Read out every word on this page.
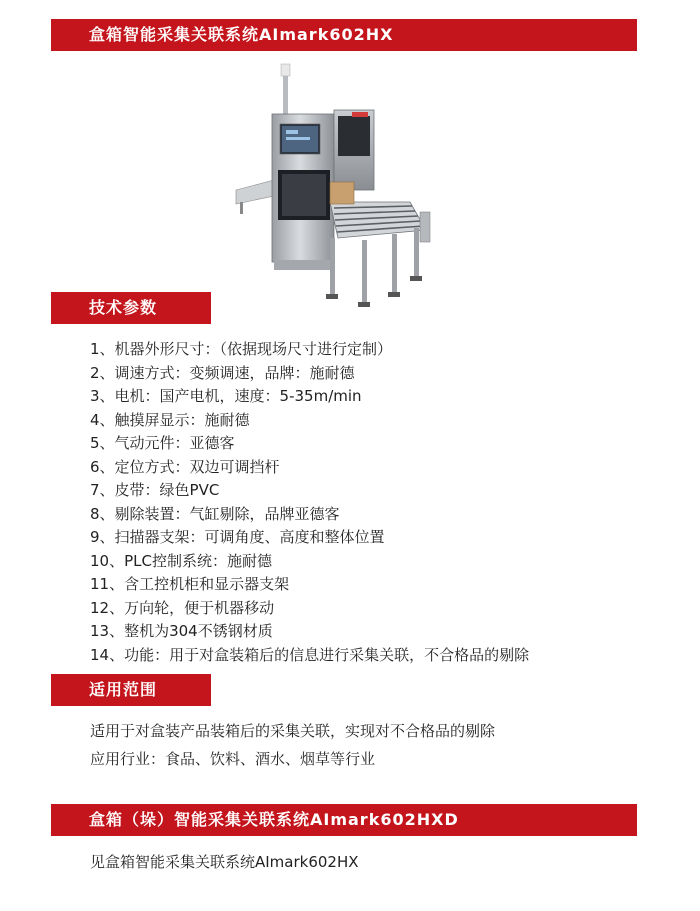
盒箱智能采集关联系统AImark602HX
技术参数
1、机器外形尺寸：（依据现场尺寸进行定制）
2、调速方式：变频调速，品牌：施耐德
3、电机：国产电机，速度：5-35m/min
4、触摸屏显示：施耐德
5、气动元件：亚德客
6、定位方式：双边可调挡杆
7、皮带：绿色PVC
8、剔除装置：气缸剔除，品牌亚德客
9、扫描器支架：可调角度、高度和整体位置
10、PLC控制系统：施耐德
11、含工控机柜和显示器支架
12、万向轮，便于机器移动
13、整机为304不锈钢材质
14、功能：用于对盒装箱后的信息进行采集关联，不合格品的剔除
适用范围

适用于对盒装产品装箱后的采集关联，实现对不合格品的剔除

应用行业：食品、饮料、酒水、烟草等行业

盒箱（垛）智能采集关联系统AImark602HXD

见盒箱智能采集关联系统AImark602HX
